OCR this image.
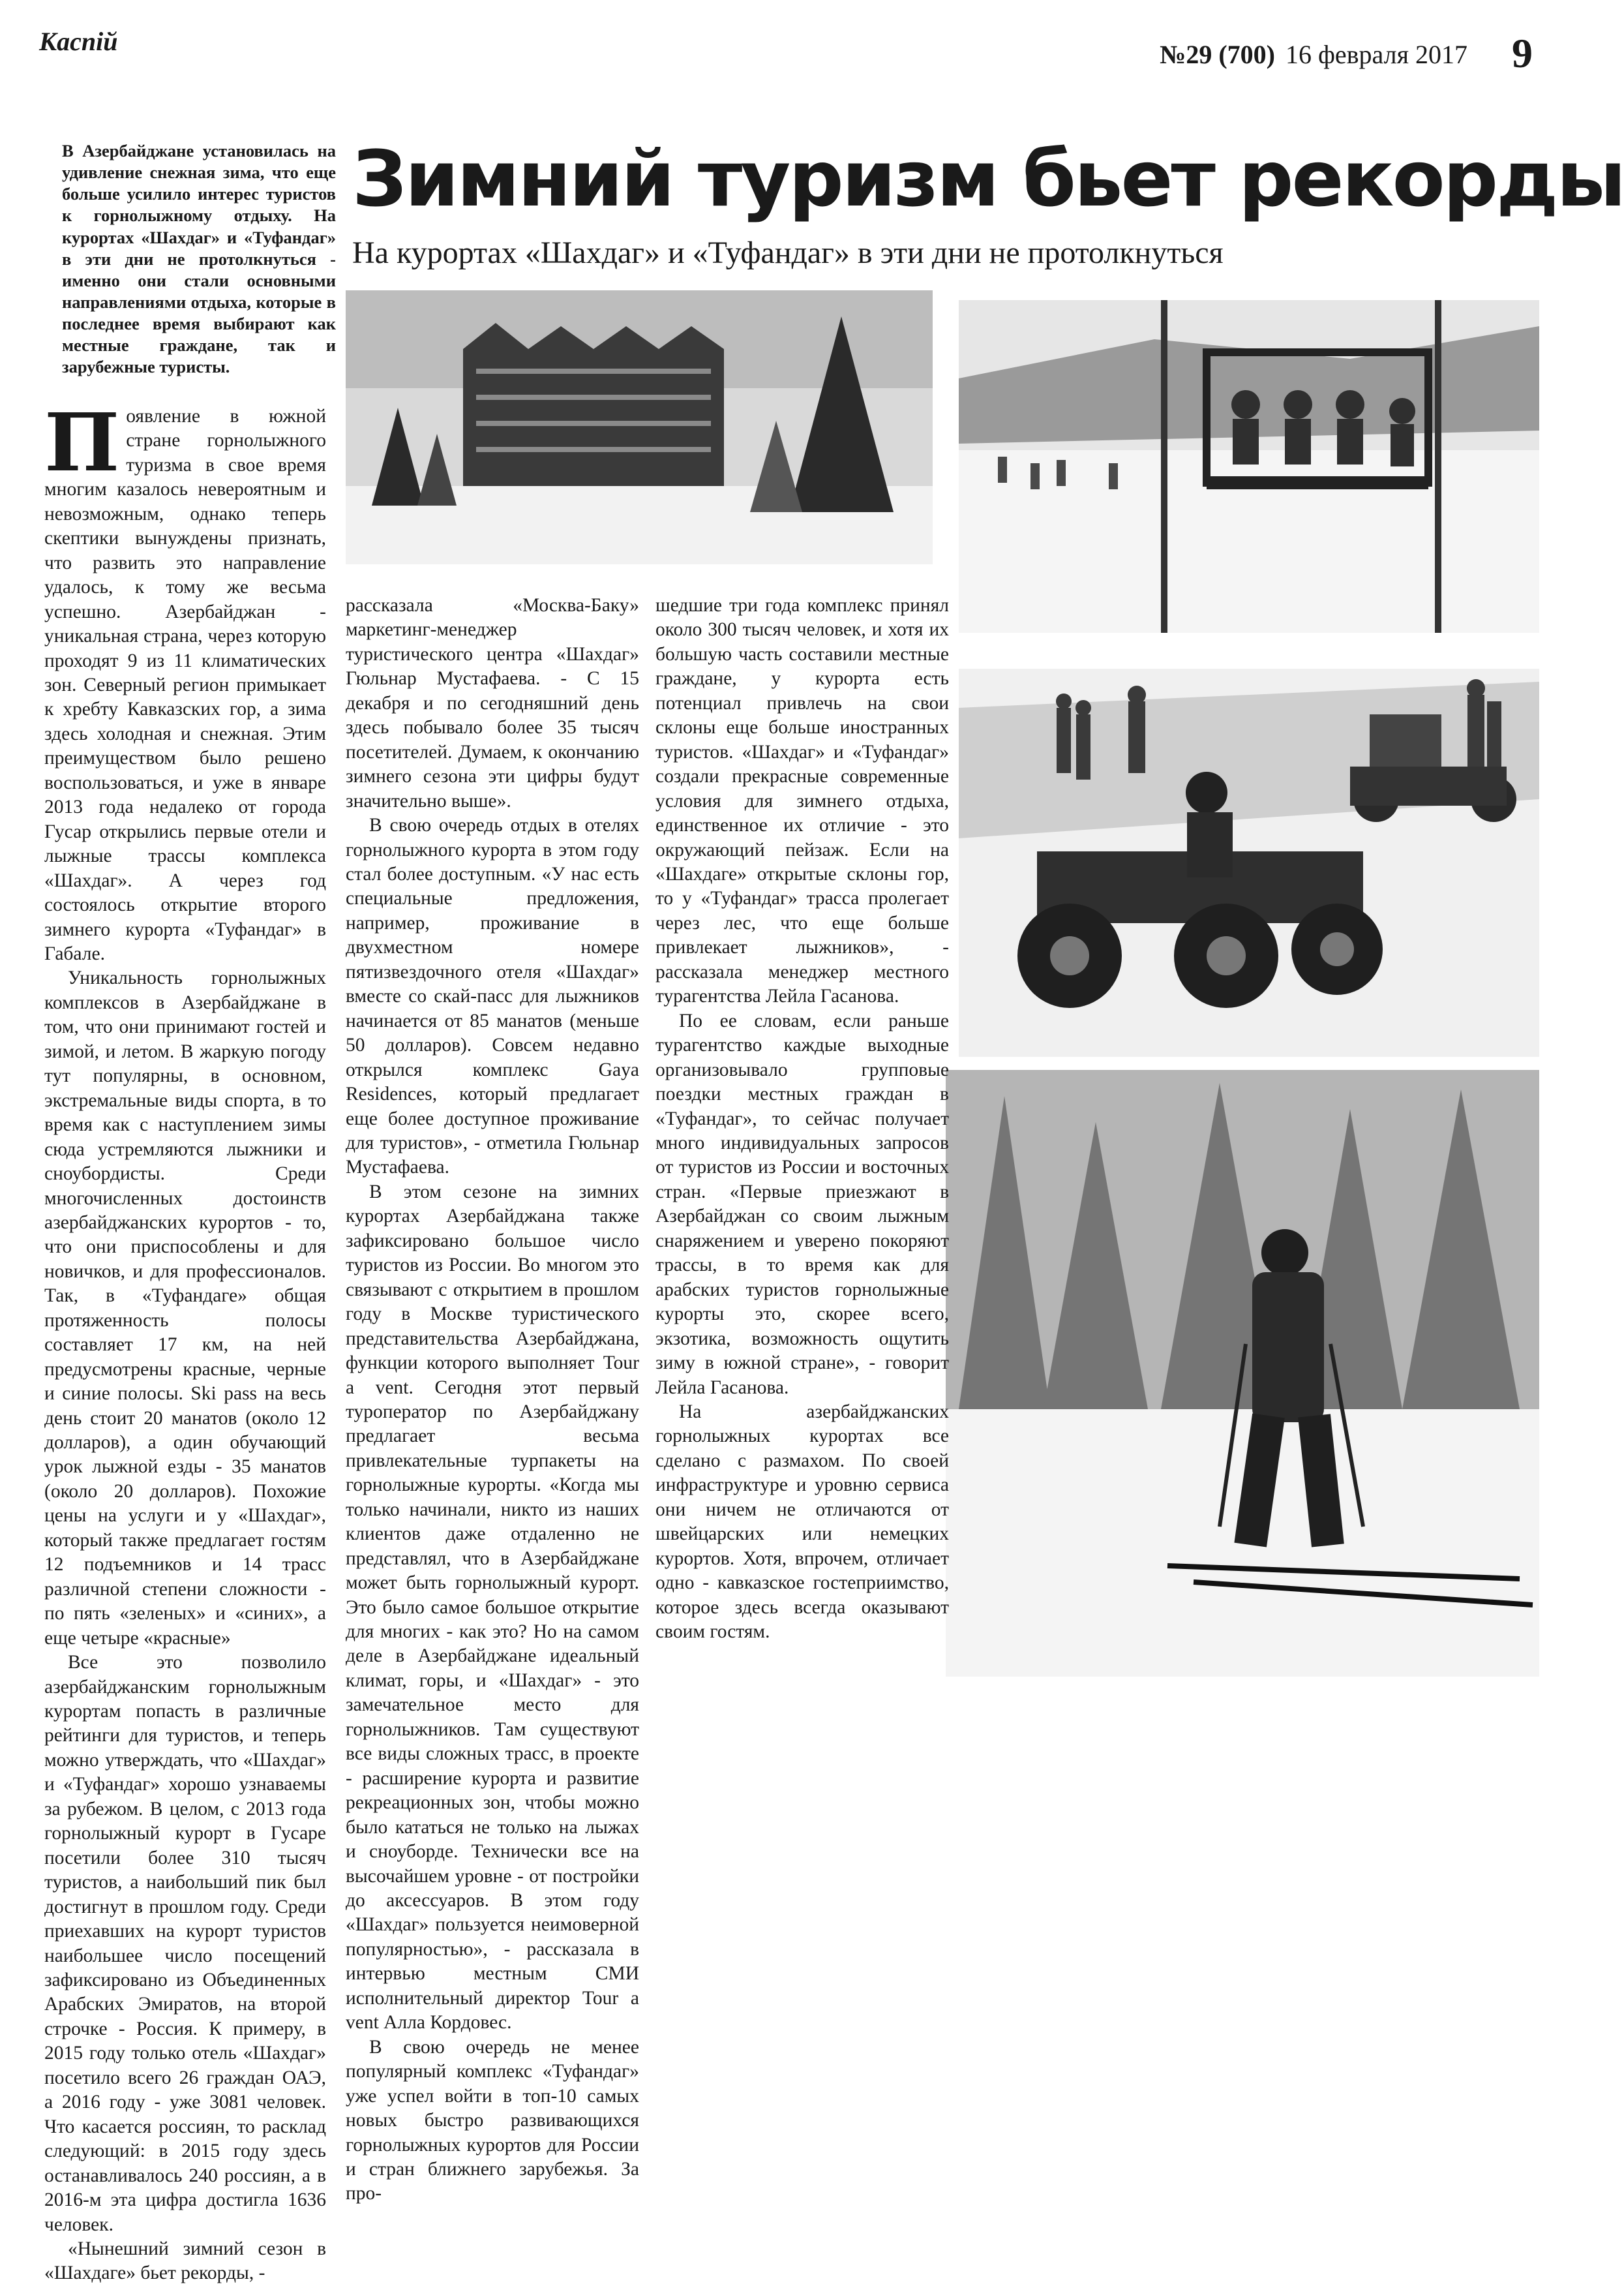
Каспiй	№29 (700) 16 февраля 2017 9
Зимний туризм бьет рекорды
На курортах «Шахдаг» и «Туфандаг» в эти дни не протолкнуться
В Азербайджане установилась на удивление снежная зима, что еще больше усилило интерес туристов к горнолыжному отдыху. На курортах «Шахдаг» и «Туфандаг» в эти дни не протолкнуться - именно они стали основными направлениями отдыха, которые в последнее время выбирают как местные граждане, так и зарубежные туристы.

Появление в южной стране горнолыжного туризма в свое время многим казалось невероятным и невозможным, однако теперь скептики вынуждены признать, что развить это направление удалось, к тому же весьма успешно. Азербайджан - уникальная страна, через которую проходят 9 из 11 климатических зон. Северный регион примыкает к хребту Кавказских гор, а зима здесь холодная и снежная. Этим преимуществом было решено воспользоваться, и уже в январе 2013 года недалеко от города Гусар открылись первые отели и лыжные трассы комплекса «Шахдаг». А через год состоялось открытие второго зимнего курорта «Туфандаг» в Габале.

Уникальность горнолыжных комплексов в Азербайджане в том, что они принимают гостей и зимой, и летом. В жаркую погоду тут популярны, в основном, экстремальные виды спорта, в то время как с наступлением зимы сюда устремляются лыжники и сноубордисты. Среди многочисленных достоинств азербайджанских курортов - то, что они приспособлены и для новичков, и для профессионалов. Так, в «Туфандаге» общая протяженность полосы составляет 17 км, на ней предусмотрены красные, черные и синие полосы. Ski pass на весь день стоит 20 манатов (около 12 долларов), а один обучающий урок лыжной езды - 35 манатов (около 20 долларов). Похожие цены на услуги и у «Шахдаг», который также предлагает гостям 12 подъемников и 14 трасс различной степени сложности - по пять «зеленых» и «синих», а еще четыре «красные»

Все это позволило азербайджанским горнолыжным курортам попасть в различные рейтинги для туристов, и теперь можно утверждать, что «Шахдаг» и «Туфандаг» хорошо узнаваемы за рубежом. В целом, с 2013 года горнолыжный курорт в Гусаре посетили более 310 тысяч туристов, а наибольший пик был достигнут в прошлом году. Среди приехавших на курорт туристов наибольшее число посещений зафиксировано из Объединенных Арабских Эмиратов, на второй строчке - Россия. К примеру, в 2015 году только отель «Шахдаг» посетило всего 26 граждан ОАЭ, а 2016 году - уже 3081 человек. Что касается россиян, то расклад следующий: в 2015 году здесь останавливалось 240 россиян, а в 2016-м эта цифра достигла 1636 человек.

«Нынешний зимний сезон в «Шахдаге» бьет рекорды, -

рассказала «Москва-Баку» маркетинг-менеджер туристического центра «Шахдаг» Гюльнар Мустафаева. - С 15 декабря и по сегодняшний день здесь побывало более 35 тысяч посетителей. Думаем, к окончанию зимнего сезона эти цифры будут значительно выше».

В свою очередь отдых в отелях горнолыжного курорта в этом году стал более доступным. «У нас есть специальные предложения, например, проживание в двухместном номере пятизвездочного отеля «Шахдаг» вместе со скай-пасс для лыжников начинается от 85 манатов (меньше 50 долларов). Совсем недавно открылся комплекс Gaya Residences, который предлагает еще более доступное проживание для туристов», - отметила Гюльнар Мустафаева.

В этом сезоне на зимних курортах Азербайджана также зафиксировано большое число туристов из России. Во многом это связывают с открытием в прошлом году в Москве туристического представительства Азербайджана, функции которого выполняет Tour a vent. Сегодня этот первый туроператор по Азербайджану предлагает весьма привлекательные турпакеты на горнолыжные курорты. «Когда мы только начинали, никто из наших клиентов даже отдаленно не представлял, что в Азербайджане может быть горнолыжный курорт. Это было самое большое открытие для многих - как это? Но на самом деле в Азербайджане идеальный климат, горы, и «Шахдаг» - это замечательное место для горнолыжников. Там существуют все виды сложных трасс, в проекте - расширение курорта и развитие рекреационных зон, чтобы можно было кататься не только на лыжах и сноуборде. Технически все на высочайшем уровне - от постройки до аксессуаров. В этом году «Шахдаг» пользуется неимоверной популярностью», - рассказала в интервью местным СМИ исполнительный директор Tour a vent Алла Кордовес.

В свою очередь не менее популярный комплекс «Туфандаг» уже успел войти в топ-10 самых новых быстро развивающихся горнолыжных курортов для России и стран ближнего зарубежья. За про-

шедшие три года комплекс принял около 300 тысяч человек, и хотя их большую часть составили местные граждане, у курорта есть потенциал привлечь на свои склоны еще больше иностранных туристов. «Шахдаг» и «Туфандаг» создали прекрасные современные условия для зимнего отдыха, единственное их отличие - это окружающий пейзаж. Если на «Шахдаге» открытые склоны гор, то у «Туфандаг» трасса пролегает через лес, что еще больше привлекает лыжников», - рассказала менеджер местного турагентства Лейла Гасанова.

По ее словам, если раньше турагентство каждые выходные организовывало групповые поездки местных граждан в «Туфандаг», то сейчас получает много индивидуальных запросов от туристов из России и восточных стран. «Первые приезжают в Азербайджан со своим лыжным снаряжением и уверено покоряют трассы, в то время как для арабских туристов горнолыжные курорты это, скорее всего, экзотика, возможность ощутить зиму в южной стране», - говорит Лейла Гасанова.

На азербайджанских горнолыжных курортах все сделано с размахом. По своей инфраструктуре и уровню сервиса они ничем не отличаются от швейцарских или немецких курортов. Хотя, впрочем, отличает одно - кавказское гостеприимство, которое здесь всегда оказывают своим гостям.
